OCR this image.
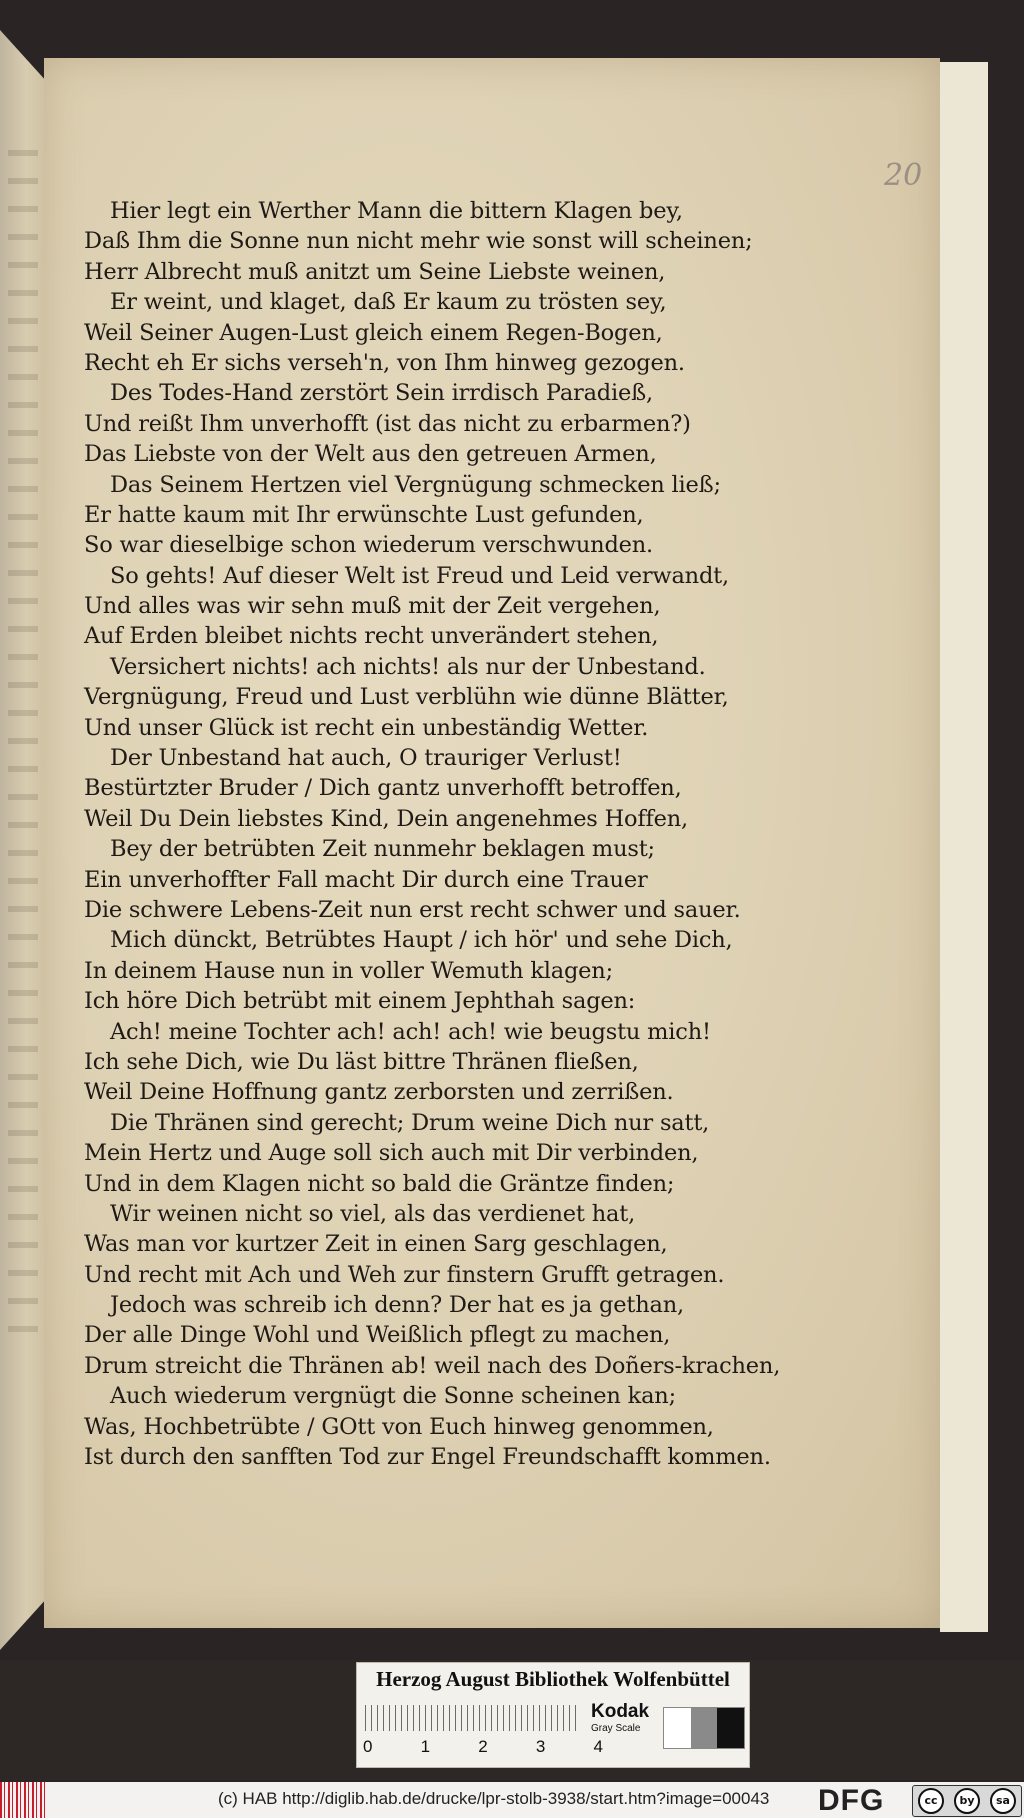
20
Hier legt ein Werther Mann die bittern Klagen bey,
Daß Ihm die Sonne nun nicht mehr wie sonst will scheinen;
Herr Albrecht muß anitzt um Seine Liebste weinen,
Er weint, und klaget, daß Er kaum zu trösten sey,
Weil Seiner Augen-Lust gleich einem Regen-Bogen,
Recht eh Er sichs verseh'n, von Ihm hinweg gezogen.
Des Todes-Hand zerstört Sein irrdisch Paradieß,
Und reißt Ihm unverhofft (ist das nicht zu erbarmen?)
Das Liebste von der Welt aus den getreuen Armen,
Das Seinem Hertzen viel Vergnügung schmecken ließ;
Er hatte kaum mit Ihr erwünschte Lust gefunden,
So war dieselbige schon wiederum verschwunden.
So gehts! Auf dieser Welt ist Freud und Leid verwandt,
Und alles was wir sehn muß mit der Zeit vergehen,
Auf Erden bleibet nichts recht unverändert stehen,
Versichert nichts! ach nichts! als nur der Unbestand.
Vergnügung, Freud und Lust verblühn wie dünne Blätter,
Und unser Glück ist recht ein unbeständig Wetter.
Der Unbestand hat auch, O trauriger Verlust!
Bestürtzter Bruder / Dich gantz unverhofft betroffen,
Weil Du Dein liebstes Kind, Dein angenehmes Hoffen,
Bey der betrübten Zeit nunmehr beklagen must;
Ein unverhoffter Fall macht Dir durch eine Trauer
Die schwere Lebens-Zeit nun erst recht schwer und sauer.
Mich dünckt, Betrübtes Haupt / ich hör' und sehe Dich,
In deinem Hause nun in voller Wemuth klagen;
Ich höre Dich betrübt mit einem Jephthah sagen:
Ach! meine Tochter ach! ach! ach! wie beugstu mich!
Ich sehe Dich, wie Du läst bittre Thränen fließen,
Weil Deine Hoffnung gantz zerborsten und zerrißen.
Die Thränen sind gerecht; Drum weine Dich nur satt,
Mein Hertz und Auge soll sich auch mit Dir verbinden,
Und in dem Klagen nicht so bald die Gräntze finden;
Wir weinen nicht so viel, als das verdienet hat,
Was man vor kurtzer Zeit in einen Sarg geschlagen,
Und recht mit Ach und Weh zur finstern Grufft getragen.
Jedoch was schreib ich denn? Der hat es ja gethan,
Der alle Dinge Wohl und Weißlich pflegt zu machen,
Drum streicht die Thränen ab! weil nach des Doñers-krachen,
Auch wiederum vergnügt die Sonne scheinen kan;
Was, Hochbetrübte / GOtt von Euch hinweg genommen,
Ist durch den sanfften Tod zur Engel Freundschafft kommen.
Herzog August Bibliothek Wolfenbüttel
0	1	2	3	4
Kodak
Gray Scale
(c) HAB http://diglib.hab.de/drucke/lpr-stolb-3938/start.htm?image=00043 DFG	cc	by	sa
